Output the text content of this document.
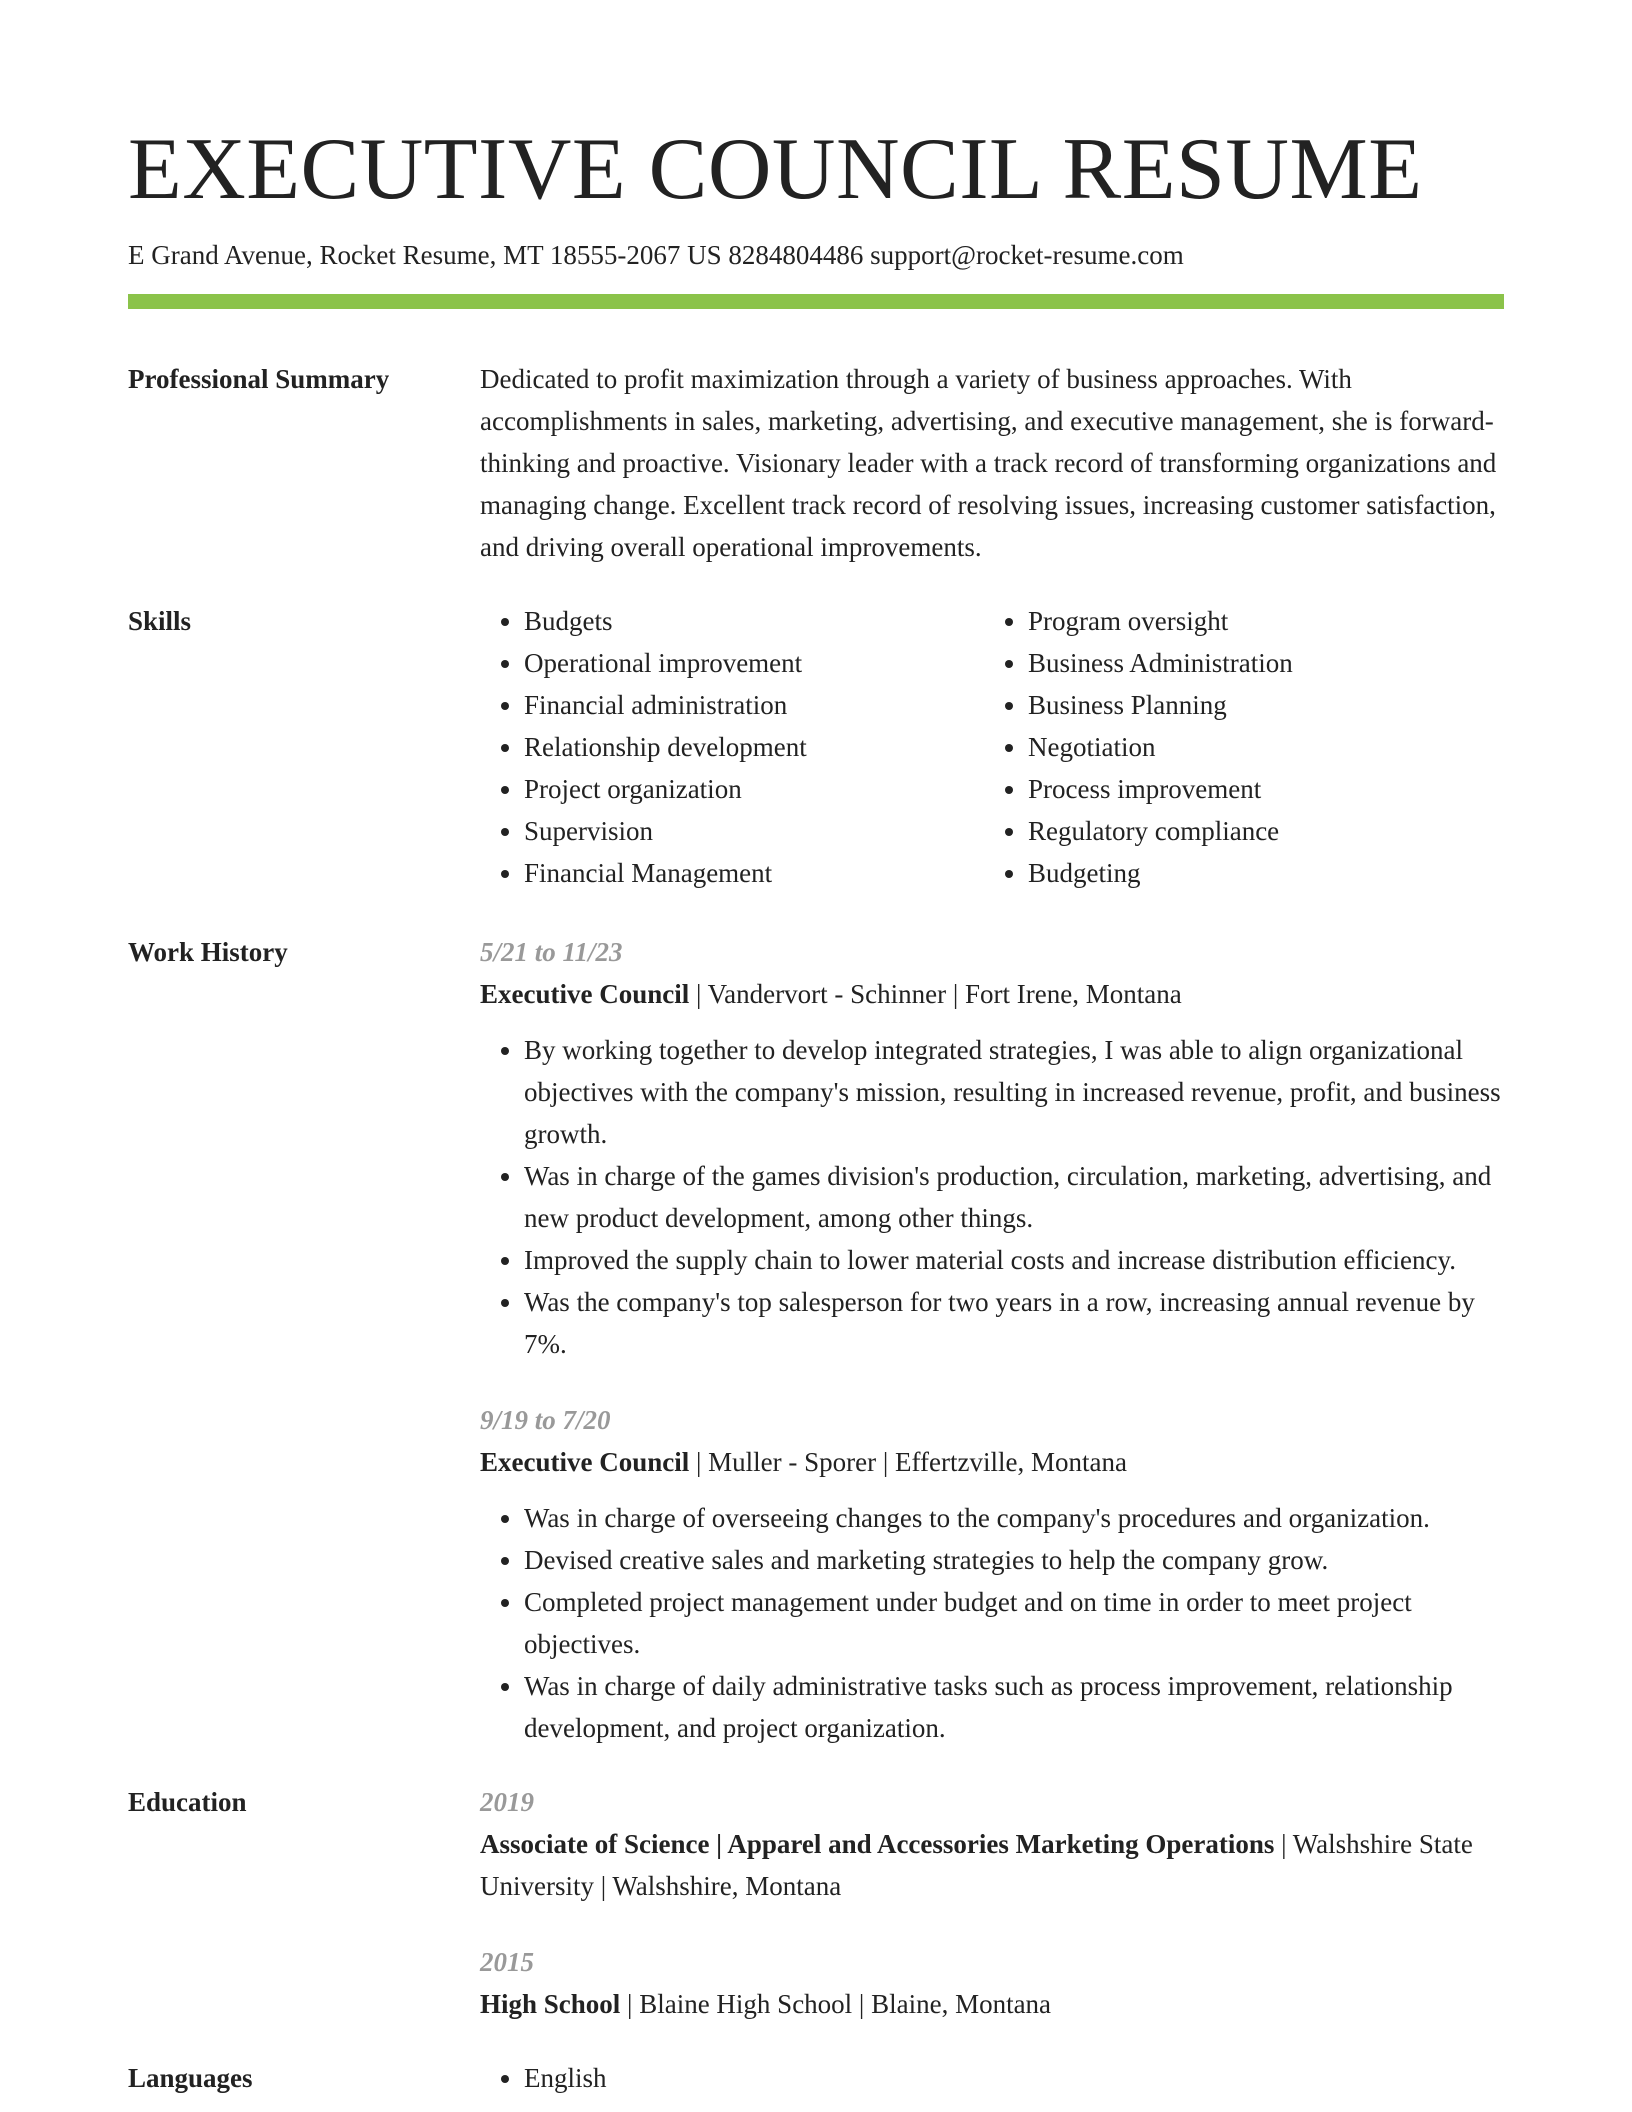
EXECUTIVE COUNCIL RESUME
E Grand Avenue, Rocket Resume, MT 18555-2067 US 8284804486 support@rocket-resume.com
Professional Summary	Dedicated to profit maximization through a variety of business approaches. With accomplishments in sales, marketing, advertising, and executive management, she is forward-thinking and proactive. Visionary leader with a track record of transforming organizations and managing change. Excellent track record of resolving issues, increasing customer satisfaction, and driving overall operational improvements.
Skills	• Budgets
• Operational improvement
• Financial administration
• Relationship development
• Project organization
• Supervision
• Financial Management
• Program oversight
• Business Administration
• Business Planning
• Negotiation
• Process improvement
• Regulatory compliance
• Budgeting
Work History	5/21 to 11/23
Executive Council | Vandervort - Schinner | Fort Irene, Montana
• By working together to develop integrated strategies, I was able to align organizational objectives with the company's mission, resulting in increased revenue, profit, and business growth.
• Was in charge of the games division's production, circulation, marketing, advertising, and new product development, among other things.
• Improved the supply chain to lower material costs and increase distribution efficiency.
• Was the company's top salesperson for two years in a row, increasing annual revenue by 7%.
9/19 to 7/20
Executive Council | Muller - Sporer | Effertzville, Montana
• Was in charge of overseeing changes to the company's procedures and organization.
• Devised creative sales and marketing strategies to help the company grow.
• Completed project management under budget and on time in order to meet project objectives.
• Was in charge of daily administrative tasks such as process improvement, relationship development, and project organization.
Education	2019
Associate of Science | Apparel and Accessories Marketing Operations | Walshshire State University | Walshshire, Montana
2015
High School | Blaine High School | Blaine, Montana
Languages	• English
